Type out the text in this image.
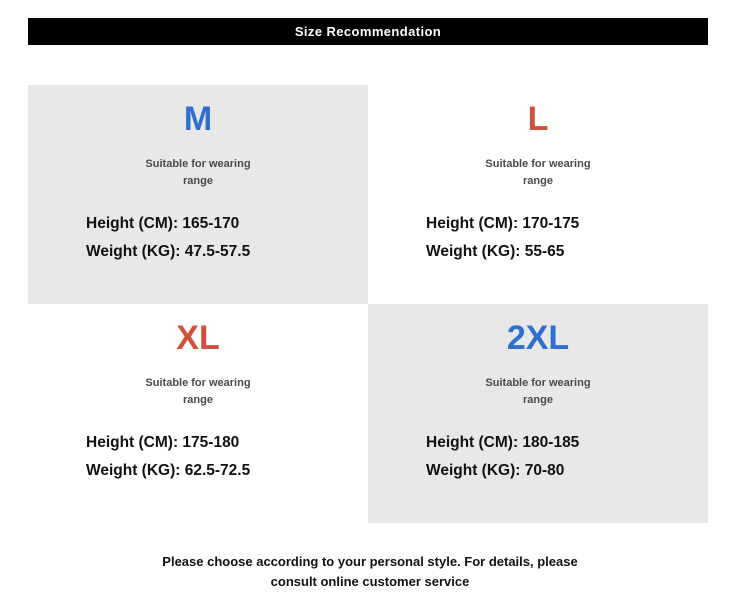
Size Recommendation
M
Suitable for wearing range
Height (CM): 165-170
Weight (KG): 47.5-57.5
L
Suitable for wearing range
Height (CM): 170-175
Weight (KG): 55-65
XL
Suitable for wearing range
Height (CM): 175-180
Weight (KG): 62.5-72.5
2XL
Suitable for wearing range
Height (CM): 180-185
Weight (KG): 70-80
Please choose according to your personal style. For details, please
consult online customer service
